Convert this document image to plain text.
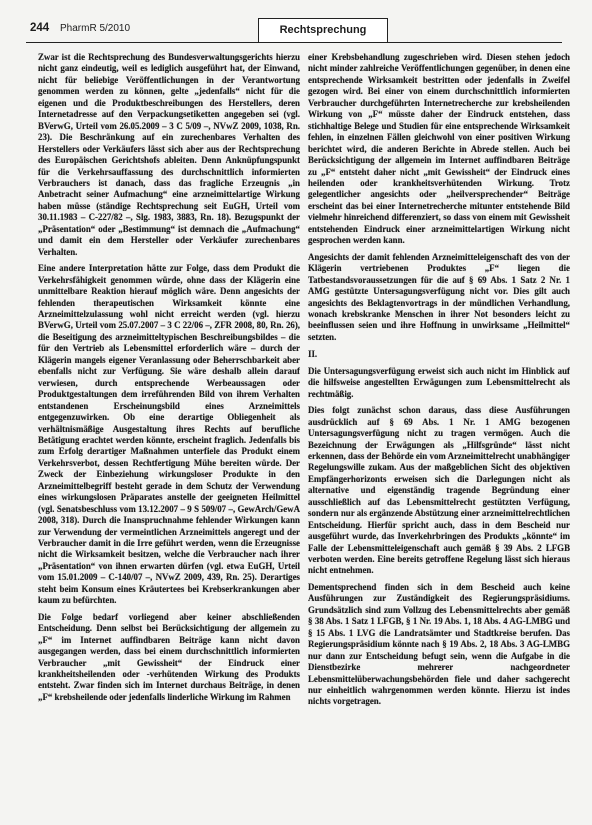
244 PharmR 5/2010	Rechtsprechung

Zwar ist die Rechtsprechung des Bundesverwaltungsgerichts hierzu nicht ganz eindeutig, weil es lediglich ausgeführt hat, der Einwand, nicht für beliebige Veröffentlichungen in der Verantwortung genommen werden zu können, gelte „jedenfalls“ nicht für die eigenen und die Produktbeschreibungen des Herstellers, deren Internetadresse auf den Verpackungsetiketten angegeben sei (vgl. BVerwG, Urteil vom 26.05.2009 – 3 C 5/09 –, NVwZ 2009, 1038, Rn. 23). Die Beschränkung auf ein zurechenbares Verhalten des Herstellers oder Verkäufers lässt sich aber aus der Rechtsprechung des Europäischen Gerichtshofs ableiten. Denn Anknüpfungspunkt für die Verkehrsauffassung des durchschnittlich informierten Verbrauchers ist danach, dass das fragliche Erzeugnis „in Anbetracht seiner Aufmachung“ eine arzneimittelartige Wirkung haben müsse (ständige Rechtsprechung seit EuGH, Urteil vom 30.11.1983 – C-227/82 –, Slg. 1983, 3883, Rn. 18). Bezugspunkt der „Präsentation“ oder „Bestimmung“ ist demnach die „Aufmachung“ und damit ein dem Hersteller oder Verkäufer zurechenbares Verhalten.

Eine andere Interpretation hätte zur Folge, dass dem Produkt die Verkehrsfähigkeit genommen würde, ohne dass der Klägerin eine unmittelbare Reaktion hierauf möglich wäre. Denn angesichts der fehlenden therapeutischen Wirksamkeit könnte eine Arzneimittelzulassung wohl nicht erreicht werden (vgl. hierzu BVerwG, Urteil vom 25.07.2007 – 3 C 22/06 –, ZFR 2008, 80, Rn. 26), die Beseitigung des arzneimitteltypischen Beschreibungsbildes – die für den Vertrieb als Lebensmittel erforderlich wäre – durch der Klägerin mangels eigener Veranlassung oder Beherrschbarkeit aber ebenfalls nicht zur Verfügung. Sie wäre deshalb allein darauf verwiesen, durch entsprechende Werbeaussagen oder Produktgestaltungen dem irreführenden Bild von ihrem Verhalten entstandenen Erscheinungsbild eines Arzneimittels entgegenzuwirken. Ob eine derartige Obliegenheit als verhältnismäßige Ausgestaltung ihres Rechts auf berufliche Betätigung erachtet werden könnte, erscheint fraglich. Jedenfalls bis zum Erfolg derartiger Maßnahmen unterfiele das Produkt einem Verkehrsverbot, dessen Rechtfertigung Mühe bereiten würde. Der Zweck der Einbeziehung wirkungsloser Produkte in den Arzneimittelbegriff besteht gerade in dem Schutz der Verwendung eines wirkungslosen Präparates anstelle der geeigneten Heilmittel (vgl. Senatsbeschluss vom 13.12.2007 – 9 S 509/07 –, GewArch/GewA 2008, 318). Durch die Inanspruchnahme fehlender Wirkungen kann zur Verwendung der vermeintlichen Arzneimittels angeregt und der Verbraucher damit in die Irre geführt werden, wenn die Erzeugnisse nicht die Wirksamkeit besitzen, welche die Verbraucher nach ihrer „Präsentation“ von ihnen erwarten dürfen (vgl. etwa EuGH, Urteil vom 15.01.2009 – C-140/07 –, NVwZ 2009, 439, Rn. 25). Derartiges steht beim Konsum eines Kräutertees bei Krebserkrankungen aber kaum zu befürchten.

Die Folge bedarf vorliegend aber keiner abschließenden Entscheidung. Denn selbst bei Berücksichtigung der allgemein zu „F“ im Internet auffindbaren Beiträge kann nicht davon ausgegangen werden, dass bei einem durchschnittlich informierten Verbraucher „mit Gewissheit“ der Eindruck einer krankheitsheilenden oder -verhütenden Wirkung des Produkts entsteht. Zwar finden sich im Internet durchaus Beiträge, in denen „F“ krebsheilende oder jedenfalls linderliche Wirkung im Rahmen

einer Krebsbehandlung zugeschrieben wird. Diesen stehen jedoch nicht minder zahlreiche Veröffentlichungen gegenüber, in denen eine entsprechende Wirksamkeit bestritten oder jedenfalls in Zweifel gezogen wird. Bei einer von einem durchschnittlich informierten Verbraucher durchgeführten Internetrecherche zur krebsheilenden Wirkung von „F“ müsste daher der Eindruck entstehen, dass stichhaltige Belege und Studien für eine entsprechende Wirksamkeit fehlen, in einzelnen Fällen gleichwohl von einer positiven Wirkung berichtet wird, die anderen Berichte in Abrede stellen. Auch bei Berücksichtigung der allgemein im Internet auffindbaren Beiträge zu „F“ entsteht daher nicht „mit Gewissheit“ der Eindruck eines heilenden oder krankheitsverhütenden Wirkung. Trotz gelegentlicher angesichts oder „heilversprechender“ Beiträge erscheint das bei einer Internetrecherche mitunter entstehende Bild vielmehr hinreichend differenziert, so dass von einem mit Gewissheit entstehenden Eindruck einer arzneimittelartigen Wirkung nicht gesprochen werden kann.

Angesichts der damit fehlenden Arzneimitteleigenschaft des von der Klägerin vertriebenen Produktes „F“ liegen die Tatbestandsvoraussetzungen für die auf § 69 Abs. 1 Satz 2 Nr. 1 AMG gestützte Untersagungsverfügung nicht vor. Dies gilt auch angesichts des Beklagtenvortrags in der mündlichen Verhandlung, wonach krebskranke Menschen in ihrer Not besonders leicht zu beeinflussen seien und ihre Hoffnung in unwirksame „Heilmittel“ setzten.

II.

Die Untersagungsverfügung erweist sich auch nicht im Hinblick auf die hilfsweise angestellten Erwägungen zum Lebensmittelrecht als rechtmäßig.

Dies folgt zunächst schon daraus, dass diese Ausführungen ausdrücklich auf § 69 Abs. 1 Nr. 1 AMG bezogenen Untersagungsverfügung nicht zu tragen vermögen. Auch die Bezeichnung der Erwägungen als „Hilfsgründe“ lässt nicht erkennen, dass der Behörde ein vom Arzneimittelrecht unabhängiger Regelungswille zukam. Aus der maßgeblichen Sicht des objektiven Empfängerhorizonts erweisen sich die Darlegungen nicht als alternative und eigenständig tragende Begründung einer ausschließlich auf das Lebensmittelrecht gestützten Verfügung, sondern nur als ergänzende Abstützung einer arzneimittelrechtlichen Entscheidung. Hierfür spricht auch, dass in dem Bescheid nur ausgeführt wurde, das Inverkehrbringen des Produkts „könnte“ im Falle der Lebensmitteleigenschaft auch gemäß § 39 Abs. 2 LFGB verboten werden. Eine bereits getroffene Regelung lässt sich hieraus nicht entnehmen.

Dementsprechend finden sich in dem Bescheid auch keine Ausführungen zur Zuständigkeit des Regierungspräsidiums. Grundsätzlich sind zum Vollzug des Lebensmittelrechts aber gemäß § 38 Abs. 1 Satz 1 LFGB, § 1 Nr. 19 Abs. 1, 18 Abs. 4 AG-LMBG und § 15 Abs. 1 LVG die Landratsämter und Stadtkreise berufen. Das Regierungspräsidium könnte nach § 19 Abs. 2, 18 Abs. 3 AG-LMBG nur dann zur Entscheidung befugt sein, wenn die Aufgabe in die Dienstbezirke mehrerer nachgeordneter Lebensmittelüberwachungsbehörden fiele und daher sachgerecht nur einheitlich wahrgenommen werden könnte. Hierzu ist indes nichts vorgetragen.
